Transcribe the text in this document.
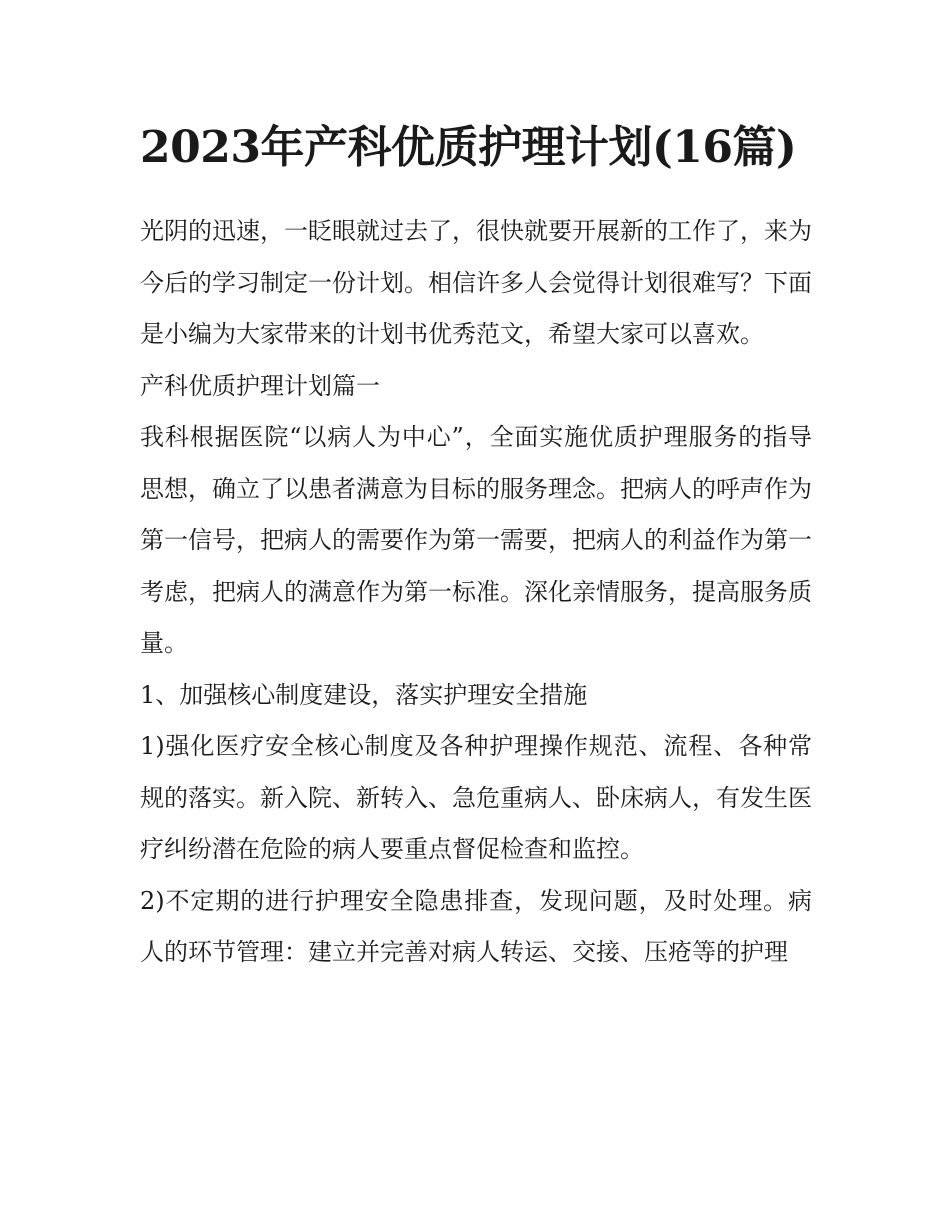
2023年产科优质护理计划(16篇)

光阴的迅速，一眨眼就过去了，很快就要开展新的工作了，来为今后的学习制定一份计划。相信许多人会觉得计划很难写？下面是小编为大家带来的计划书优秀范文，希望大家可以喜欢。

产科优质护理计划篇一

我科根据医院“以病人为中心”，全面实施优质护理服务的指导思想，确立了以患者满意为目标的服务理念。把病人的呼声作为第一信号，把病人的需要作为第一需要，把病人的利益作为第一考虑，把病人的满意作为第一标准。深化亲情服务，提高服务质量。

1、加强核心制度建设，落实护理安全措施

1)强化医疗安全核心制度及各种护理操作规范、流程、各种常规的落实。新入院、新转入、急危重病人、卧床病人，有发生医疗纠纷潜在危险的病人要重点督促检查和监控。

2)不定期的进行护理安全隐患排查，发现问题，及时处理。病人的环节管理：建立并完善对病人转运、交接、压疮等的护理
